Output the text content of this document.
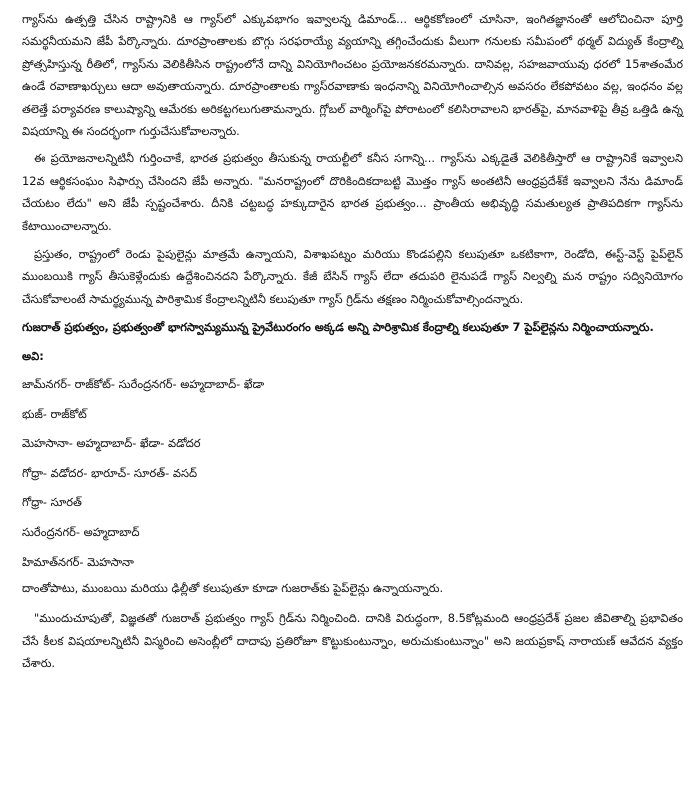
గ్యాస్‌ను ఉత్పత్తి చేసిన రాష్ట్రానికి ఆ గ్యాస్‌లో ఎక్కువభాగం ఇవ్వాలన్న డిమాండ్... ఆర్థికకోణంలో చూసినా, ఇంగితజ్ఞానంతో ఆలోచించినా పూర్తి సమర్థనీయమని జేపీ పేర్కొన్నారు. దూరప్రాంతాలకు బొగ్గు సరఫరాయ్యే వ్యయాన్ని తగ్గించేందుకు వీలుగా గనులకు సమీపంలో థర్మల్ విద్యుత్ కేంద్రాల్ని ప్రోత్సహిస్తున్న రీతిలో, గ్యాస్‌ను వెలికితీసిన రాష్ట్రంలోనే దాన్ని వినియోగించటం ప్రయోజనకరమన్నారు. దానివల్ల, సహజవాయువు ధరలో 15శాతంమేర ఉండే రవాణాఖర్చులు ఆదా అవుతాయన్నారు. దూరప్రాంతాలకు గ్యాస్‌రవాణాకు ఇంధనాన్ని వినియోగించాల్సిన అవసరం లేకపోవటం వల్ల, ఇంధనం వల్ల తలెత్తే పర్యావరణ కాలుష్యాన్ని ఆమేరకు అరికట్టగలుగుతామన్నారు. గ్లోబల్ వార్మింగ్‌పై పోరాటంలో కలిసిరావాలని భారత్‌పై, మానవాళిపై తీవ్ర ఒత్తిడి ఉన్న విషయాన్ని ఈ సందర్భంగా గుర్తుచేసుకోవాలన్నారు.

ఈ ప్రయోజనాలన్నిటినీ గుర్తించాకే, భారత ప్రభుత్వం తీసుకున్న రాయల్టీలో కనీస సగాన్ని... గ్యాస్‌ను ఎక్కడైతే వెలికితీస్తారో ఆ రాష్ట్రానికే ఇవ్వాలని 12వ ఆర్థికసంఘం సిఫార్సు చేసిందని జేపీ అన్నారు. "మనరాష్ట్రంలో దొరికిందికదాబట్టి మొత్తం గ్యాస్ అంతటినీ ఆంధ్రప్రదేశ్‌కే ఇవ్వాలని నేను డిమాండ్ చేయటం లేదు" అని జేపీ స్పష్టంచేశారు. దీనికి చట్టబద్ధ హక్కుదారైన భారత ప్రభుత్వం... ప్రాంతీయ అభివృద్ధి సమతుల్యత ప్రాతిపదికగా గ్యాస్‌ను కేటాయించాలన్నారు.

ప్రస్తుతం, రాష్ట్రంలో రెండు పైపులైన్లు మాత్రమే ఉన్నాయని, విశాఖపట్నం మరియు కొండపల్లిని కలుపుతూ ఒకటికాగా, రెండోది, ఈస్ట్-వెస్ట్ పైప్‌లైన్ ముంబయికి గ్యాస్ తీసుకెళ్లేందుకు ఉద్దేశించినదని పేర్కొన్నారు. కేజీ బేసిన్ గ్యాస్ లేదా తదుపరి లైనుపడే గ్యాస్ నిల్వల్ని మన రాష్ట్రం సద్వినియోగం చేసుకోవాలంటే సామర్థ్యమున్న పారిశ్రామిక కేంద్రాలన్నిటినీ కలుపుతూ గ్యాస్ గ్రిడ్‌ను తక్షణం నిర్మించుకోవాల్సిందన్నారు.

గుజరాత్ ప్రభుత్వం, ప్రభుత్వంతో భాగస్వామ్యమున్న ప్రైవేటురంగం అక్కడ అన్ని పారిశ్రామిక కేంద్రాల్ని కలుపుతూ 7 పైప్‌లైన్లను నిర్మించాయన్నారు.

అవి:

జామ్‌నగర్- రాజ్‌కోట్- సురేంద్రనగర్- అహ్మదాబాద్- ఖేడా
భుజ్- రాజ్‌కోట్
మెహసానా- అహ్మదాబాద్- ఖేడా- వడోదర
గోధ్రా- వడోదర- భారూచ్- సూరత్- వసద్
గోధ్రా- సూరత్
సురేంద్రనగర్- అహ్మదాబాద్
హిమాత్‌నగర్- మెహసానా

దాంతోపాటు, ముంబయి మరియు ఢిల్లీతో కలుపుతూ కూడా గుజరాత్‌కు పైప్‌లైన్లు ఉన్నాయన్నారు.

"ముందుచూపుతో, విజ్ఞతతో గుజరాత్ ప్రభుత్వం గ్యాస్ గ్రిడ్‌ను నిర్మించింది. దానికి విరుద్ధంగా, 8.5కోట్లమంది ఆంధ్రప్రదేశ్ ప్రజల జీవితాల్ని ప్రభావితం చేసే కీలక విషయాలన్నిటినీ విస్మరించి అసెంబ్లీలో దాదాపు ప్రతిరోజూ కొట్టుకుంటున్నాం, అరుచుకుంటున్నాం" అని జయప్రకాష్ నారాయణ్ ఆవేదన వ్యక్తం చేశారు.
